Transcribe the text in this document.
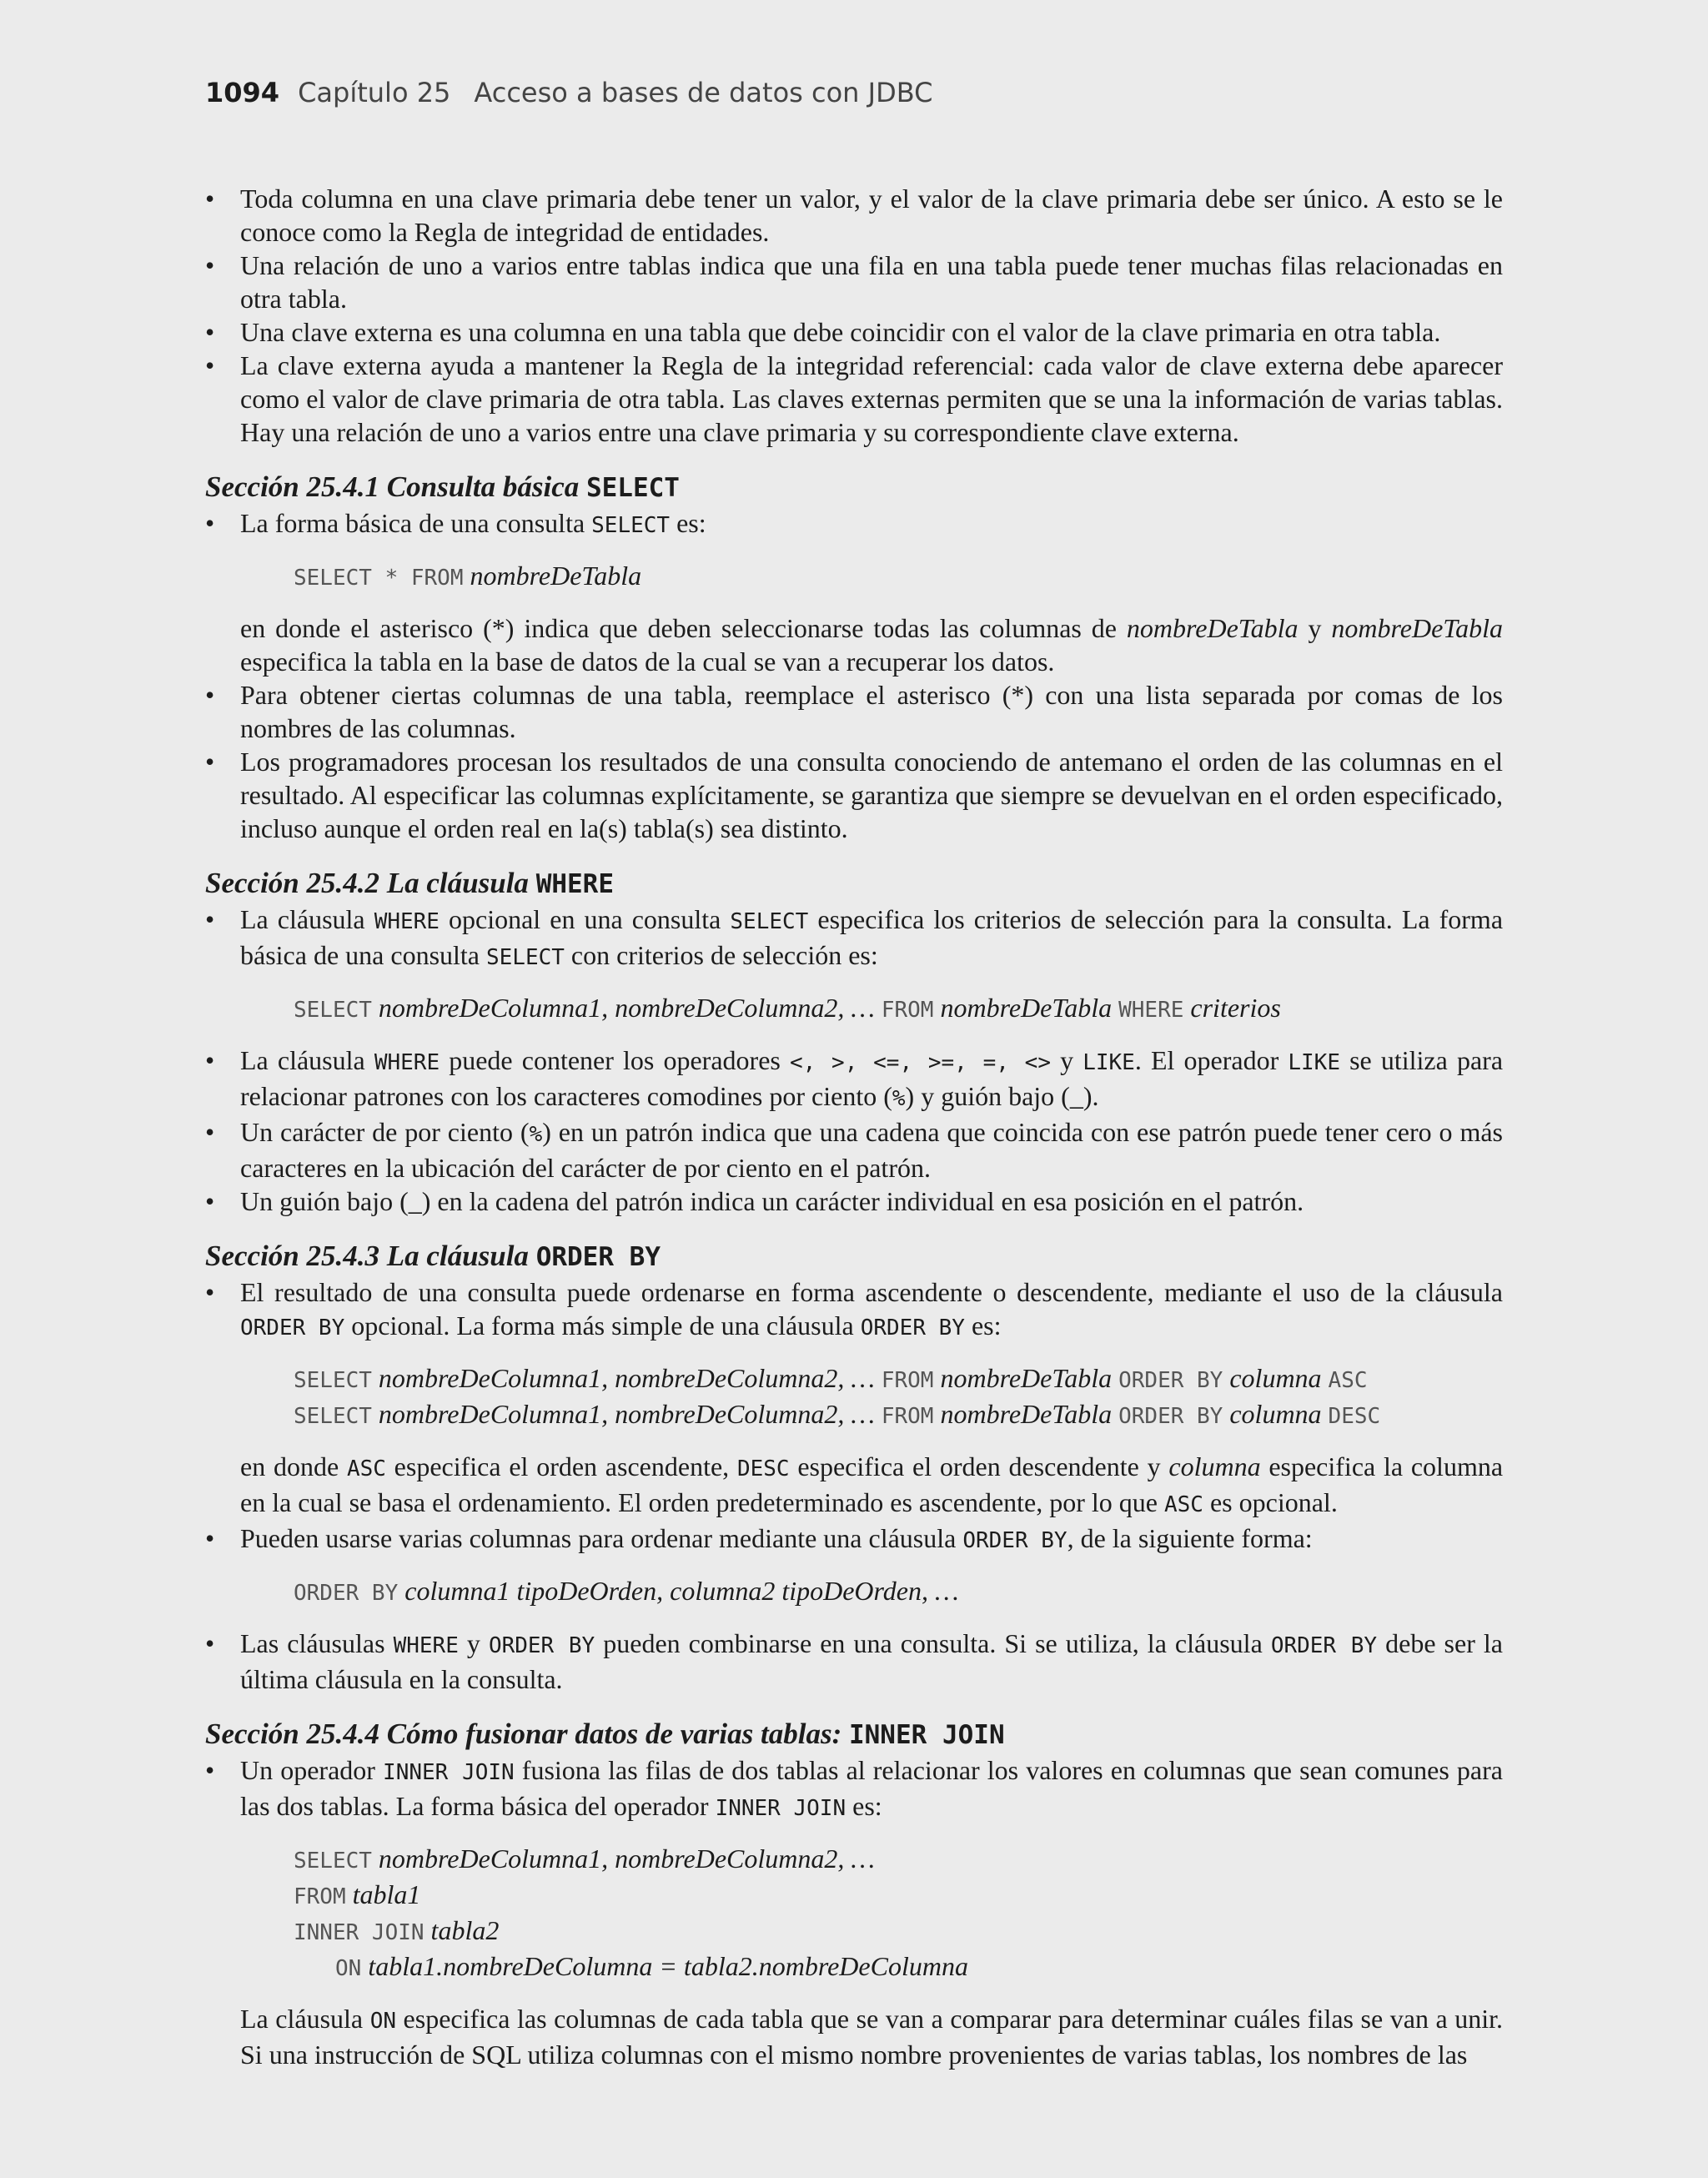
1094 Capítulo 25 Acceso a bases de datos con JDBC
• Toda columna en una clave primaria debe tener un valor, y el valor de la clave primaria debe ser único. A esto se le conoce como la Regla de integridad de entidades.
• Una relación de uno a varios entre tablas indica que una fila en una tabla puede tener muchas filas relacionadas en otra tabla.
• Una clave externa es una columna en una tabla que debe coincidir con el valor de la clave primaria en otra tabla.
• La clave externa ayuda a mantener la Regla de la integridad referencial: cada valor de clave externa debe aparecer como el valor de clave primaria de otra tabla. Las claves externas permiten que se una la información de varias tablas. Hay una relación de uno a varios entre una clave primaria y su correspondiente clave externa.
Sección 25.4.1 Consulta básica SELECT
• La forma básica de una consulta SELECT es:
SELECT * FROM nombreDeTabla
en donde el asterisco (*) indica que deben seleccionarse todas las columnas de nombreDeTabla y nombreDeTabla especifica la tabla en la base de datos de la cual se van a recuperar los datos.
• Para obtener ciertas columnas de una tabla, reemplace el asterisco (*) con una lista separada por comas de los nombres de las columnas.
• Los programadores procesan los resultados de una consulta conociendo de antemano el orden de las columnas en el resultado. Al especificar las columnas explícitamente, se garantiza que siempre se devuelvan en el orden especificado, incluso aunque el orden real en la(s) tabla(s) sea distinto.
Sección 25.4.2 La cláusula WHERE
• La cláusula WHERE opcional en una consulta SELECT especifica los criterios de selección para la consulta. La forma básica de una consulta SELECT con criterios de selección es:
SELECT nombreDeColumna1, nombreDeColumna2, … FROM nombreDeTabla WHERE criterios
• La cláusula WHERE puede contener los operadores <, >, <=, >=, =, <> y LIKE. El operador LIKE se utiliza para relacionar patrones con los caracteres comodines por ciento (%) y guión bajo (_).
• Un carácter de por ciento (%) en un patrón indica que una cadena que coincida con ese patrón puede tener cero o más caracteres en la ubicación del carácter de por ciento en el patrón.
• Un guión bajo (_) en la cadena del patrón indica un carácter individual en esa posición en el patrón.
Sección 25.4.3 La cláusula ORDER BY
• El resultado de una consulta puede ordenarse en forma ascendente o descendente, mediante el uso de la cláusula ORDER BY opcional. La forma más simple de una cláusula ORDER BY es:
SELECT nombreDeColumna1, nombreDeColumna2, … FROM nombreDeTabla ORDER BY columna ASC
SELECT nombreDeColumna1, nombreDeColumna2, … FROM nombreDeTabla ORDER BY columna DESC
en donde ASC especifica el orden ascendente, DESC especifica el orden descendente y columna especifica la columna en la cual se basa el ordenamiento. El orden predeterminado es ascendente, por lo que ASC es opcional.
• Pueden usarse varias columnas para ordenar mediante una cláusula ORDER BY, de la siguiente forma:
ORDER BY columna1 tipoDeOrden, columna2 tipoDeOrden, …
• Las cláusulas WHERE y ORDER BY pueden combinarse en una consulta. Si se utiliza, la cláusula ORDER BY debe ser la última cláusula en la consulta.
Sección 25.4.4 Cómo fusionar datos de varias tablas: INNER JOIN
• Un operador INNER JOIN fusiona las filas de dos tablas al relacionar los valores en columnas que sean comunes para las dos tablas. La forma básica del operador INNER JOIN es:
SELECT nombreDeColumna1, nombreDeColumna2, …
FROM tabla1
INNER JOIN tabla2
ON tabla1.nombreDeColumna = tabla2.nombreDeColumna
La cláusula ON especifica las columnas de cada tabla que se van a comparar para determinar cuáles filas se van a unir. Si una instrucción de SQL utiliza columnas con el mismo nombre provenientes de varias tablas, los nombres de las
